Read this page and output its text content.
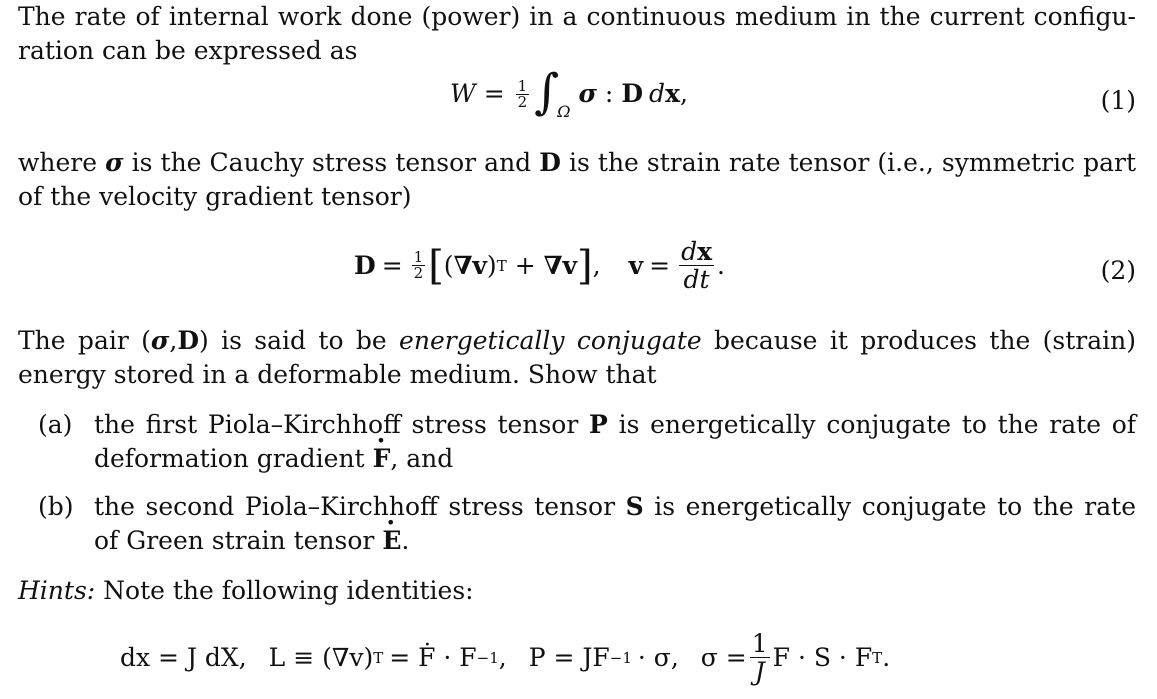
The rate of internal work done (power) in a continuous medium in the current configu-

ration can be expressed as

$W = \frac{1}{2}$ ∫
Ω
σ : D d x ,	(1)

where σ is the Cauchy stress tensor and D is the strain rate tensor (i.e., symmetric part

of the velocity gradient tensor)

$D = \frac{1}{2}$ [ ( ∇ v ) T + ∇ v ] , $v = \frac{dx}{dt}$ .	(2)

The pair (σ,D) is said to be energetically conjugate because it produces the (strain)

energy stored in a deformable medium. Show that

(a) the first Piola–Kirchhoff stress tensor P is energetically conjugate to the rate of

deformation gradient F ·, and

(b) the second Piola–Kirchhoff stress tensor S is energetically conjugate to the rate

of Green strain tensor E ·.

Hints: Note the following identities:

dx = J dX, L ≡ (∇v) T = Ḟ · F −1 , P = JF −1 · σ, $\sigma = \frac{1}{J}$ F · S · F T .
